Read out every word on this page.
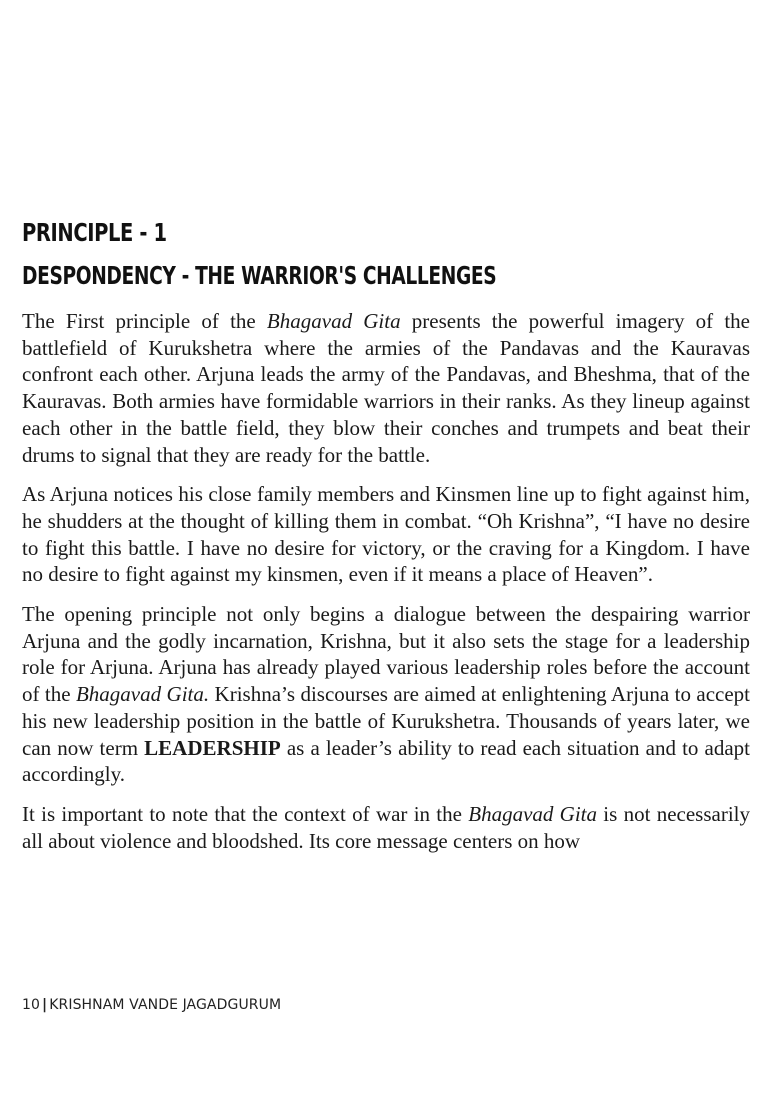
PRINCIPLE - 1
DESPONDENCY - THE WARRIOR'S CHALLENGES

The First principle of the Bhagavad Gita presents the powerful imagery of the battlefield of Kurukshetra where the armies of the Pandavas and the Kauravas confront each other. Arjuna leads the army of the Pandavas, and Bheshma, that of the Kauravas. Both armies have formidable warriors in their ranks. As they lineup against each other in the battle field, they blow their conches and trumpets and beat their drums to signal that they are ready for the battle.

As Arjuna notices his close family members and Kinsmen line up to fight against him, he shudders at the thought of killing them in combat. “Oh Krishna”, “I have no desire to fight this battle. I have no desire for victory, or the craving for a Kingdom. I have no desire to fight against my kinsmen, even if it means a place of Heaven”.

The opening principle not only begins a dialogue between the despairing warrior Arjuna and the godly incarnation, Krishna, but it also sets the stage for a leadership role for Arjuna. Arjuna has already played various leadership roles before the account of the Bhagavad Gita. Krishna’s discourses are aimed at enlightening Arjuna to accept his new leadership position in the battle of Kurukshetra. Thousands of years later, we can now term LEADERSHIP as a leader’s ability to read each situation and to adapt accordingly.

It is important to note that the context of war in the Bhagavad Gita is not necessarily all about violence and bloodshed. Its core message centers on how

10 | KRISHNAM VANDE JAGADGURUM
